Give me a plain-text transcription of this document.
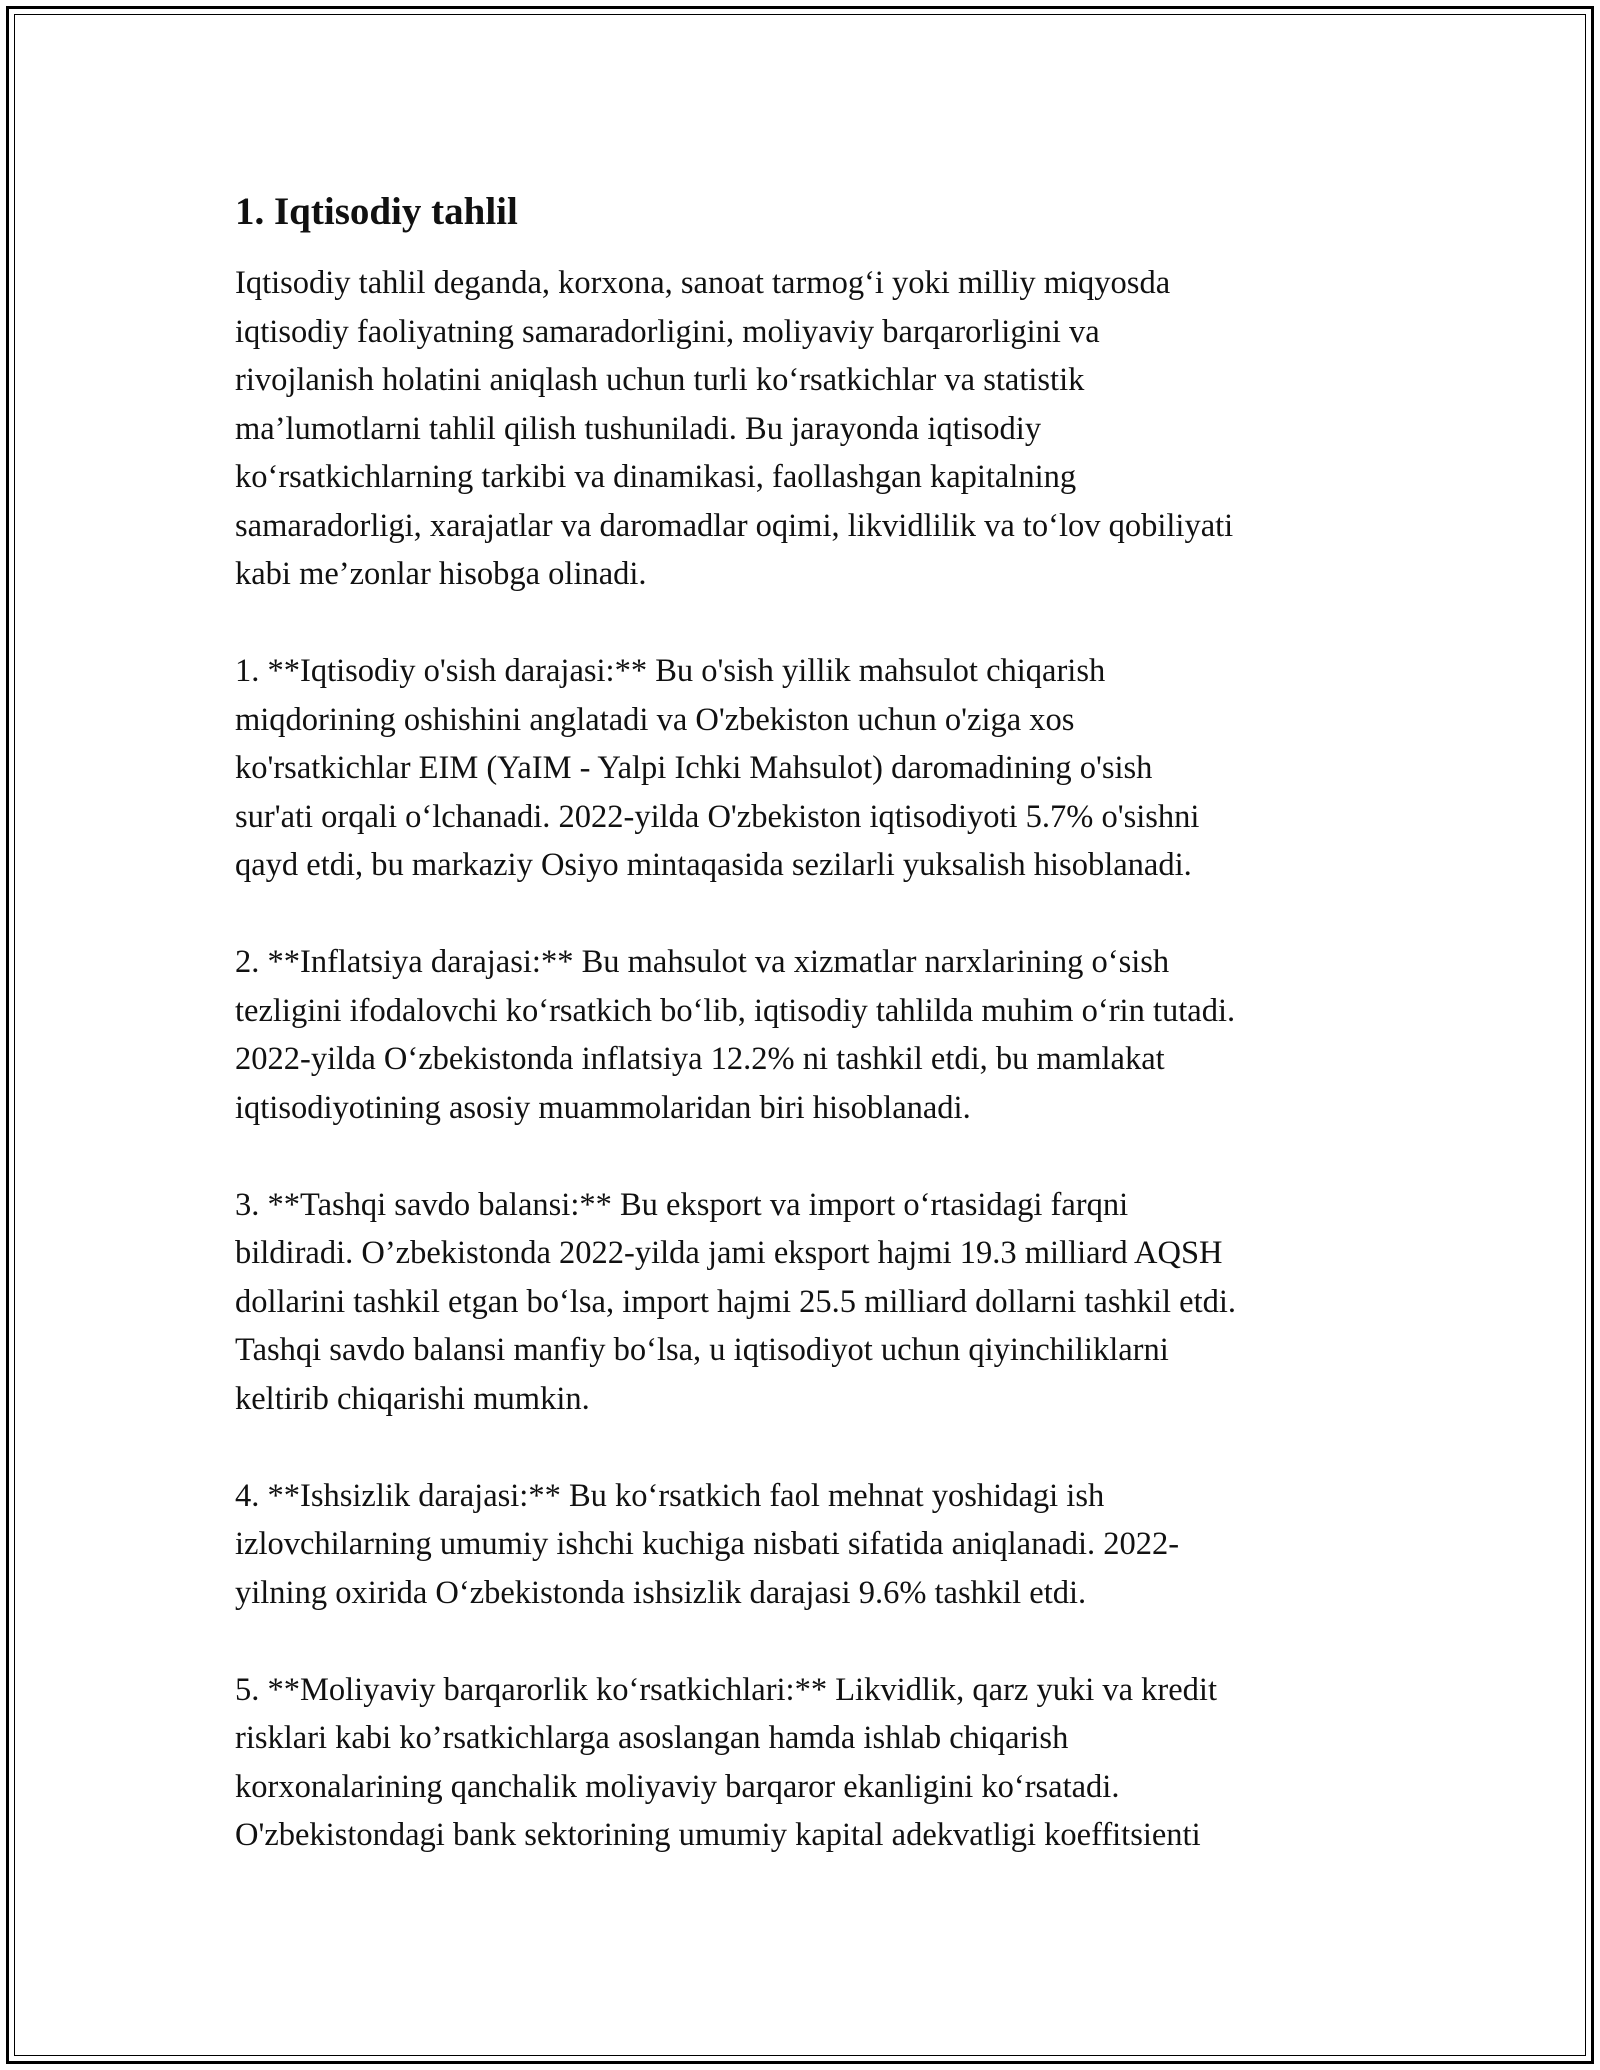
1. Iqtisodiy tahlil

Iqtisodiy tahlil deganda, korxona, sanoat tarmog‘i yoki milliy miqyosda
iqtisodiy faoliyatning samaradorligini, moliyaviy barqarorligini va
rivojlanish holatini aniqlash uchun turli ko‘rsatkichlar va statistik
ma’lumotlarni tahlil qilish tushuniladi. Bu jarayonda iqtisodiy
ko‘rsatkichlarning tarkibi va dinamikasi, faollashgan kapitalning
samaradorligi, xarajatlar va daromadlar oqimi, likvidlilik va to‘lov qobiliyati
kabi me’zonlar hisobga olinadi.

1. **Iqtisodiy o'sish darajasi:** Bu o'sish yillik mahsulot chiqarish
miqdorining oshishini anglatadi va O'zbekiston uchun o'ziga xos
ko'rsatkichlar EIM (YaIM - Yalpi Ichki Mahsulot) daromadining o'sish
sur'ati orqali o‘lchanadi. 2022-yilda O'zbekiston iqtisodiyoti 5.7% o'sishni
qayd etdi, bu markaziy Osiyo mintaqasida sezilarli yuksalish hisoblanadi.

2. **Inflatsiya darajasi:** Bu mahsulot va xizmatlar narxlarining o‘sish
tezligini ifodalovchi ko‘rsatkich bo‘lib, iqtisodiy tahlilda muhim o‘rin tutadi.
2022-yilda O‘zbekistonda inflatsiya 12.2% ni tashkil etdi, bu mamlakat
iqtisodiyotining asosiy muammolaridan biri hisoblanadi.

3. **Tashqi savdo balansi:** Bu eksport va import o‘rtasidagi farqni
bildiradi. O’zbekistonda 2022-yilda jami eksport hajmi 19.3 milliard AQSH
dollarini tashkil etgan bo‘lsa, import hajmi 25.5 milliard dollarni tashkil etdi.
Tashqi savdo balansi manfiy bo‘lsa, u iqtisodiyot uchun qiyinchiliklarni
keltirib chiqarishi mumkin.

4. **Ishsizlik darajasi:** Bu ko‘rsatkich faol mehnat yoshidagi ish
izlovchilarning umumiy ishchi kuchiga nisbati sifatida aniqlanadi. 2022-
yilning oxirida O‘zbekistonda ishsizlik darajasi 9.6% tashkil etdi.

5. **Moliyaviy barqarorlik ko‘rsatkichlari:** Likvidlik, qarz yuki va kredit
risklari kabi ko’rsatkichlarga asoslangan hamda ishlab chiqarish
korxonalarining qanchalik moliyaviy barqaror ekanligini ko‘rsatadi.
O'zbekistondagi bank sektorining umumiy kapital adekvatligi koeffitsienti
